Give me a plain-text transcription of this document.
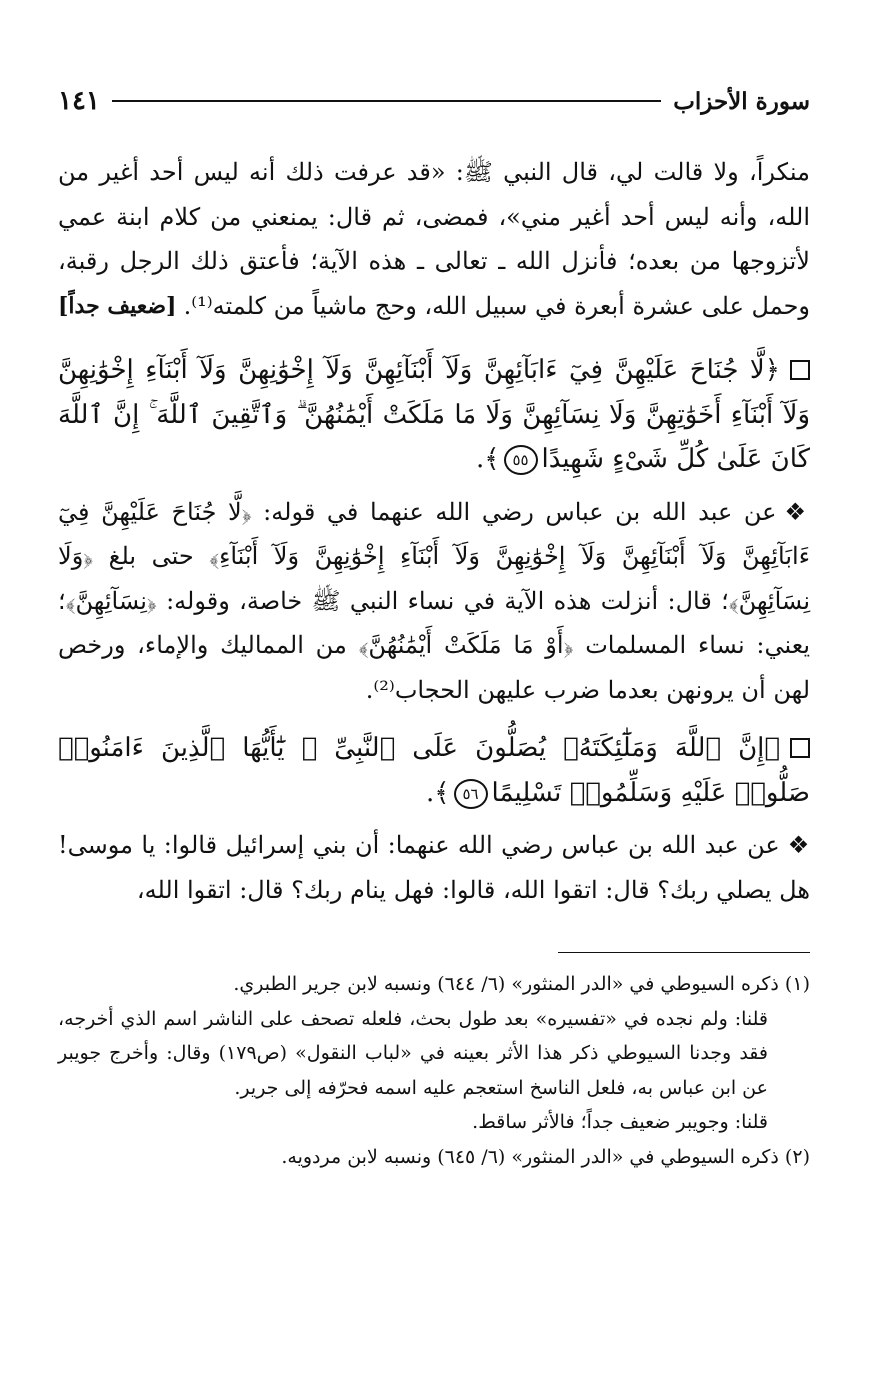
سورة الأحزاب
١٤١

منكراً، ولا قالت لي، قال النبي ﷺ: «قد عرفت ذلك أنه ليس أحد أغير من الله، وأنه ليس أحد أغير مني»، فمضى، ثم قال: يمنعني من كلام ابنة عمي لأتزوجها من بعده؛ فأنزل الله ـ تعالى ـ هذه الآية؛ فأعتق ذلك الرجل رقبة، وحمل على عشرة أبعرة في سبيل الله، وحج ماشياً من كلمته⁽¹⁾.
[ضعيف جداً]

﴿لَّا جُنَاحَ عَلَيْهِنَّ فِيٓ ءَابَآئِهِنَّ وَلَآ أَبْنَآئِهِنَّ وَلَآ إِخْوَٰنِهِنَّ وَلَآ أَبْنَآءِ إِخْوَٰنِهِنَّ وَلَآ أَبْنَآءِ أَخَوَٰتِهِنَّ وَلَا نِسَآئِهِنَّ وَلَا مَا مَلَكَتْ أَيْمَٰنُهُنَّ ۗ وَٱتَّقِينَ ٱللَّهَ ۚ إِنَّ ٱللَّهَ كَانَ عَلَىٰ كُلِّ شَىْءٍ شَهِيدًا٥٥﴾.

❖عن عبد الله بن عباس رضي الله عنهما في قوله: ﴿لَّا جُنَاحَ عَلَيْهِنَّ فِيٓ ءَابَآئِهِنَّ وَلَآ أَبْنَآئِهِنَّ وَلَآ إِخْوَٰنِهِنَّ وَلَآ أَبْنَآءِ إِخْوَٰنِهِنَّ وَلَآ أَبْنَآءِ﴾ حتى بلغ ﴿وَلَا نِسَآئِهِنَّ﴾؛ قال: أنزلت هذه الآية في نساء النبي ﷺ خاصة، وقوله: ﴿نِسَآئِهِنَّ﴾؛ يعني: نساء المسلمات ﴿أَوْ مَا مَلَكَتْ أَيْمَٰنُهُنَّ﴾ من المماليك والإماء، ورخص لهن أن يرونهن بعدما ضرب عليهن الحجاب⁽²⁾.

﴿إِنَّ ٱللَّهَ وَمَلَٰٓئِكَتَهُۥ يُصَلُّونَ عَلَى ٱلنَّبِىِّ ۚ يَٰٓأَيُّهَا ٱلَّذِينَ ءَامَنُوا۟ صَلُّوا۟ عَلَيْهِ وَسَلِّمُوا۟ تَسْلِيمًا٥٦﴾.

❖عن عبد الله بن عباس رضي الله عنهما: أن بني إسرائيل قالوا: يا موسى! هل يصلي ربك؟ قال: اتقوا الله، قالوا: فهل ينام ربك؟ قال: اتقوا الله،

(١) ذكره السيوطي في «الدر المنثور» (٦/ ٦٤٤) ونسبه لابن جرير الطبري.

قلنا: ولم نجده في «تفسيره» بعد طول بحث، فلعله تصحف على الناشر اسم الذي أخرجه، فقد وجدنا السيوطي ذكر هذا الأثر بعينه في «لباب النقول» (ص١٧٩) وقال: وأخرج جويبر عن ابن عباس به، فلعل الناسخ استعجم عليه اسمه فحرّفه إلى جرير.

قلنا: وجويبر ضعيف جداً؛ فالأثر ساقط.

(٢) ذكره السيوطي في «الدر المنثور» (٦/ ٦٤٥) ونسبه لابن مردويه.
